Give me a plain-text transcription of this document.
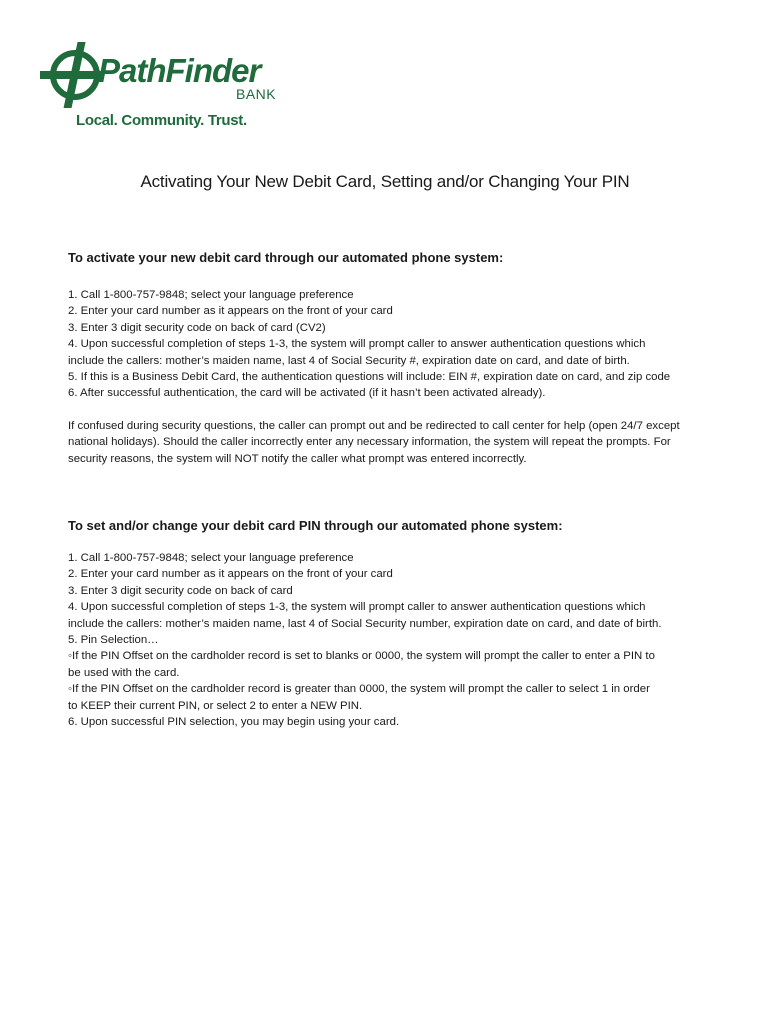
PathFinder
BANK
Local. Community. Trust.
Activating Your New Debit Card, Setting and/or Changing Your PIN
To activate your new debit card through our automated phone system:
1. Call 1-800-757-9848; select your language preference
2. Enter your card number as it appears on the front of your card
3. Enter 3 digit security code on back of card (CV2)
4. Upon successful completion of steps 1-3, the system will prompt caller to answer authentication questions which
include the callers: mother’s maiden name, last 4 of Social Security #, expiration date on card, and date of birth.
5. If this is a Business Debit Card, the authentication questions will include: EIN #, expiration date on card, and zip code
6. After successful authentication, the card will be activated (if it hasn’t been activated already).

If confused during security questions, the caller can prompt out and be redirected to call center for help (open 24/7 except national holidays). Should the caller incorrectly enter any necessary information, the system will repeat the prompts. For security reasons, the system will NOT notify the caller what prompt was entered incorrectly.

To set and/or change your debit card PIN through our automated phone system:
1. Call 1-800-757-9848; select your language preference
2. Enter your card number as it appears on the front of your card
3. Enter 3 digit security code on back of card
4. Upon successful completion of steps 1-3, the system will prompt caller to answer authentication questions which
include the callers: mother’s maiden name, last 4 of Social Security number, expiration date on card, and date of birth.
5. Pin Selection…
◦If the PIN Offset on the cardholder record is set to blanks or 0000, the system will prompt the caller to enter a PIN to
be used with the card.
◦If the PIN Offset on the cardholder record is greater than 0000, the system will prompt the caller to select 1 in order
to KEEP their current PIN, or select 2 to enter a NEW PIN.
6. Upon successful PIN selection, you may begin using your card.
